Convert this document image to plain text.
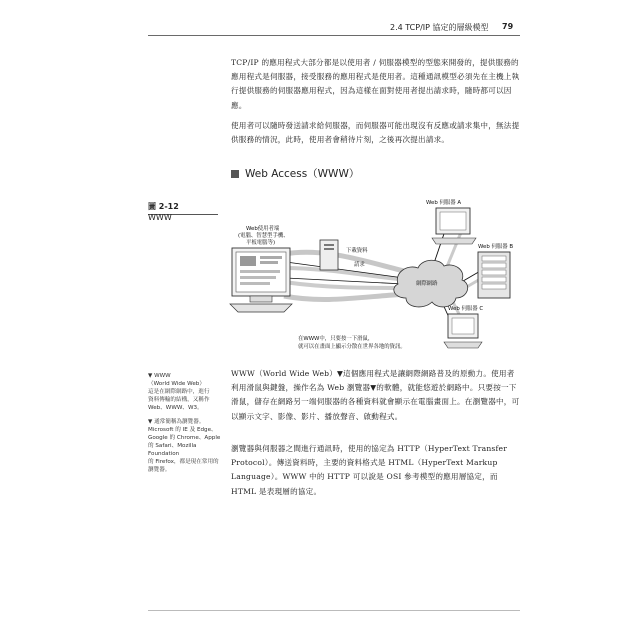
2.4 TCP/IP 協定的層級模型 79
TCP/IP 的應用程式大部分都是以使用者 / 伺服器模型的型態來開發的，提供服務的應用程式是伺服器，接受服務的應用程式是使用者。這種通訊模型必須先在主機上執行提供服務的伺服器應用程式，因為這樣在面對使用者提出請求時，隨時都可以因應。
使用者可以隨時發送請求給伺服器，而伺服器可能出現沒有反應或請求集中，無法提供服務的情況，此時，使用者會稍待片刻，之後再次提出請求。
Web Access（WWW）
圖 2-12
WWW
網際網路
Web使用者端
(電腦、智慧型手機、
平板電腦等)
下載資料
請求
Web 伺服器 A
Web 伺服器 B
Web 伺服器 C
在WWW中，只要按一下滑鼠，
就可以在畫面上顯示分散在世界各地的資訊。
▼ WWW
（World Wide Web）
這是在網際網路中，進行
資料傳輸的結構，又稱作
Web、WWW、W3。
▼ 通常簡稱為瀏覽器。
Microsoft 的 IE 及 Edge、
Google 的 Chrome、Apple
的 Safari、Mozilla Foundation
的 Firefox，都是現在常用的
瀏覽器。
WWW（World Wide Web）▼這個應用程式是讓網際網路普及的原動力。使用者利用滑鼠與鍵盤，操作名為 Web 瀏覽器▼的軟體，就能悠遊於網路中。只要按一下滑鼠，儲存在網路另一端伺服器的各種資料就會顯示在電腦畫面上。在瀏覽器中，可以顯示文字、影像、影片、播放聲音、啟動程式。
瀏覽器與伺服器之間進行通訊時，使用的協定為 HTTP（HyperText Transfer Protocol）。傳送資料時，主要的資料格式是 HTML（HyperText Markup Language）。WWW 中的 HTTP 可以說是 OSI 參考模型的應用層協定，而 HTML 是表現層的協定。
